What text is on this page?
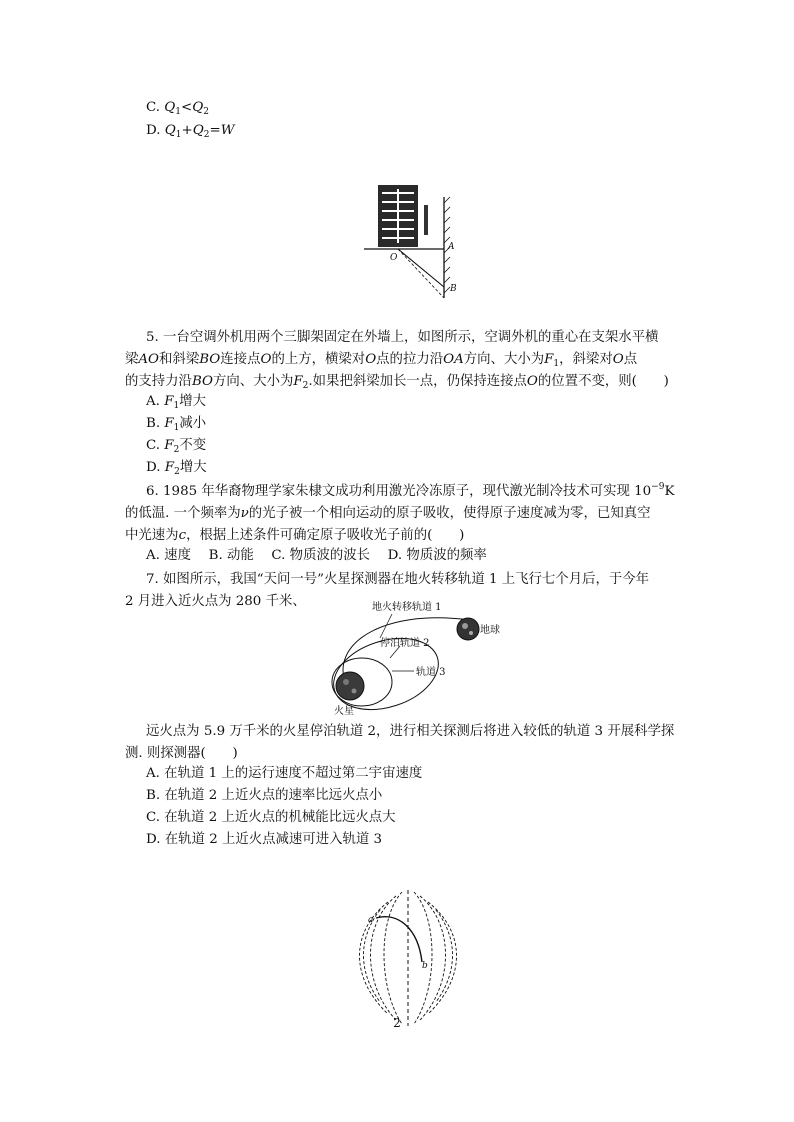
C. $Q_1<Q_2$
D. $Q_1+Q_2=W$
A
B
O
5. 一台空调外机用两个三脚架固定在外墙上，如图所示，空调外机的重心在支架水平横
梁AO和斜梁BO连接点O的上方，横梁对O点的拉力沿OA方向、大小为$F_1$，斜梁对O点
的支持力沿BO方向、大小为$F_2$.如果把斜梁加长一点，仍保持连接点O的位置不变，则(　　)
A. $F_1$增大
B. $F_1$减小
C. $F_2$不变
D. $F_2$增大
6. 1985 年华裔物理学家朱棣文成功利用激光冷冻原子，现代激光制冷技术可实现 $10^{-9}K$
的低温. 一个频率为ν的光子被一个相向运动的原子吸收，使得原子速度减为零，已知真空
中光速为c，根据上述条件可确定原子吸收光子前的(　　)
A. 速度　 B. 动能　 C. 物质波的波长　 D. 物质波的频率
7. 如图所示，我国“天问一号”火星探测器在地火转移轨道 1 上飞行七个月后，于今年
2 月进入近火点为 280 千米、	地火转移轨道 1
地球
停泊轨道 2
轨道 3
火星
远火点为 5.9 万千米的火星停泊轨道 2，进行相关探测后将进入较低的轨道 3 开展科学探
测. 则探测器(　　)
A. 在轨道 1 上的运行速度不超过第二宇宙速度
B. 在轨道 2 上近火点的速率比远火点小
C. 在轨道 2 上近火点的机械能比远火点大
D. 在轨道 2 上近火点减速可进入轨道 3
a
b
2
